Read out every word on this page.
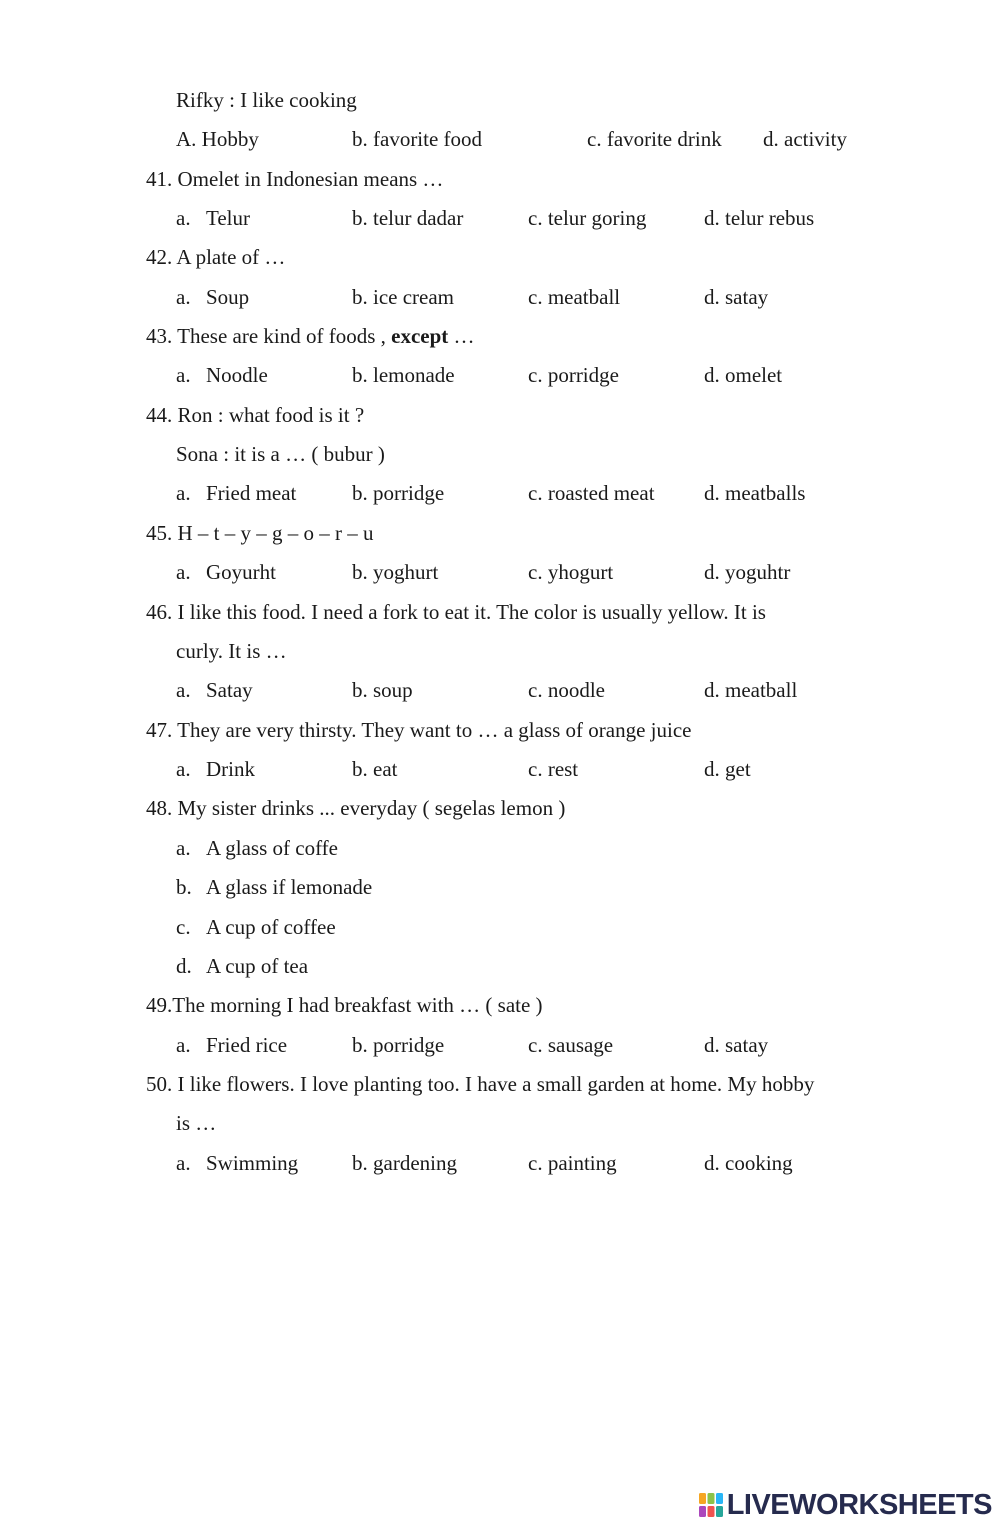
Rifky : I like cooking
A. Hobby	b. favorite food	c. favorite drink d. activity
41. Omelet in Indonesian means …
a. Telur	b. telur dadar	c. telur goring	d. telur rebus
42. A plate of …
a. Soup	b. ice cream	c. meatball	d. satay
43. These are kind of foods , except …
a. Noodle	b. lemonade	c. porridge	d. omelet
44. Ron : what food is it ?
Sona : it is a … ( bubur )
a. Fried meat	b. porridge	c. roasted meat d. meatballs
45. H – t – y – g – o – r – u
a. Goyurht	b. yoghurt	c. yhogurt	d. yoguhtr
46. I like this food. I need a fork to eat it. The color is usually yellow. It is
curly. It is …
a. Satay	b. soup	c. noodle	d. meatball
47. They are very thirsty. They want to … a glass of orange juice
a. Drink	b. eat	c. rest	d. get
48. My sister drinks ... everyday ( segelas lemon )
a. A glass of coffe
b. A glass if lemonade
c. A cup of coffee
d. A cup of tea
49.The morning I had breakfast with … ( sate )
a. Fried rice	b. porridge	c. sausage	d. satay
50. I like flowers. I love planting too. I have a small garden at home. My hobby
is …
a. Swimming	b. gardening	c. painting	d. cooking
LIVEWORKSHEETS
